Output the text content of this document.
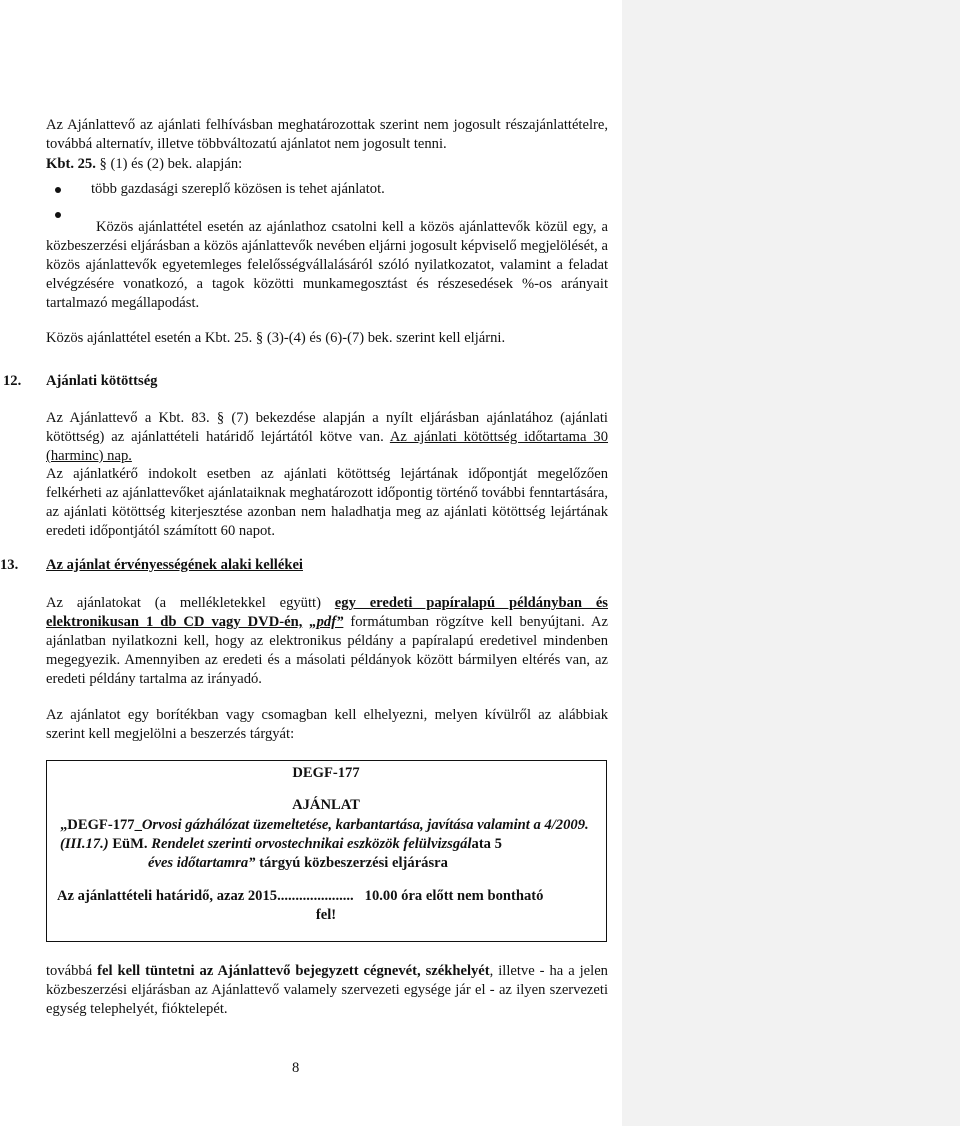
Az Ajánlattevő az ajánlati felhívásban meghatározottak szerint nem jogosult részajánlattételre, továbbá alternatív, illetve többváltozatú ajánlatot nem jogosult tenni.

Kbt. 25. § (1) és (2) bek. alapján:

több gazdasági szereplő közösen is tehet ajánlatot.

Közös ajánlattétel esetén az ajánlathoz csatolni kell a közös ajánlattevők közül egy, a közbeszerzési eljárásban a közös ajánlattevők nevében eljárni jogosult képviselő megjelölését, a közös ajánlattevők egyetemleges felelősségvállalásáról szóló nyilatkozatot, valamint a feladat elvégzésére vonatkozó, a tagok közötti munkamegosztást és részesedések %-os arányait tartalmazó megállapodást.

Közös ajánlattétel esetén a Kbt. 25. § (3)-(4) és (6)-(7) bek. szerint kell eljárni.

12. Ajánlati kötöttség

Az Ajánlattevő a Kbt. 83. § (7) bekezdése alapján a nyílt eljárásban ajánlatához (ajánlati kötöttség) az ajánlattételi határidő lejártától kötve van. Az ajánlati kötöttség időtartama 30 (harminc) nap.

Az ajánlatkérő indokolt esetben az ajánlati kötöttség lejártának időpontját megelőzően felkérheti az ajánlattevőket ajánlataiknak meghatározott időpontig történő további fenntartására, az ajánlati kötöttség kiterjesztése azonban nem haladhatja meg az ajánlati kötöttség lejártának eredeti időpontjától számított 60 napot.

13. Az ajánlat érvényességének alaki kellékei

Az ajánlatokat (a mellékletekkel együtt) egy eredeti papíralapú példányban és elektronikusan 1 db CD vagy DVD-én, „pdf” formátumban rögzítve kell benyújtani. Az ajánlatban nyilatkozni kell, hogy az elektronikus példány a papíralapú eredetivel mindenben megegyezik. Amennyiben az eredeti és a másolati példányok között bármilyen eltérés van, az eredeti példány tartalma az irányadó.

Az ajánlatot egy borítékban vagy csomagban kell elhelyezni, melyen kívülről az alábbiak szerint kell megjelölni a beszerzés tárgyát:

DEGF-177

AJÁNLAT

„DEGF-177_Orvosi gázhálózat üzemeltetése, karbantartása, javítása valamint a 4/2009. (III.17.) EüM. Rendelet szerinti orvostechnikai eszközök felülvizsgálata 5
éves időtartamra” tárgyú közbeszerzési eljárásra

Az ajánlattételi határidő, azaz 2015..................... 10.00 óra előtt nem bontható

fel!

továbbá fel kell tüntetni az Ajánlattevő bejegyzett cégnevét, székhelyét, illetve - ha a jelen közbeszerzési eljárásban az Ajánlattevő valamely szervezeti egysége jár el - az ilyen szervezeti egység telephelyét, fióktelepét.

8
